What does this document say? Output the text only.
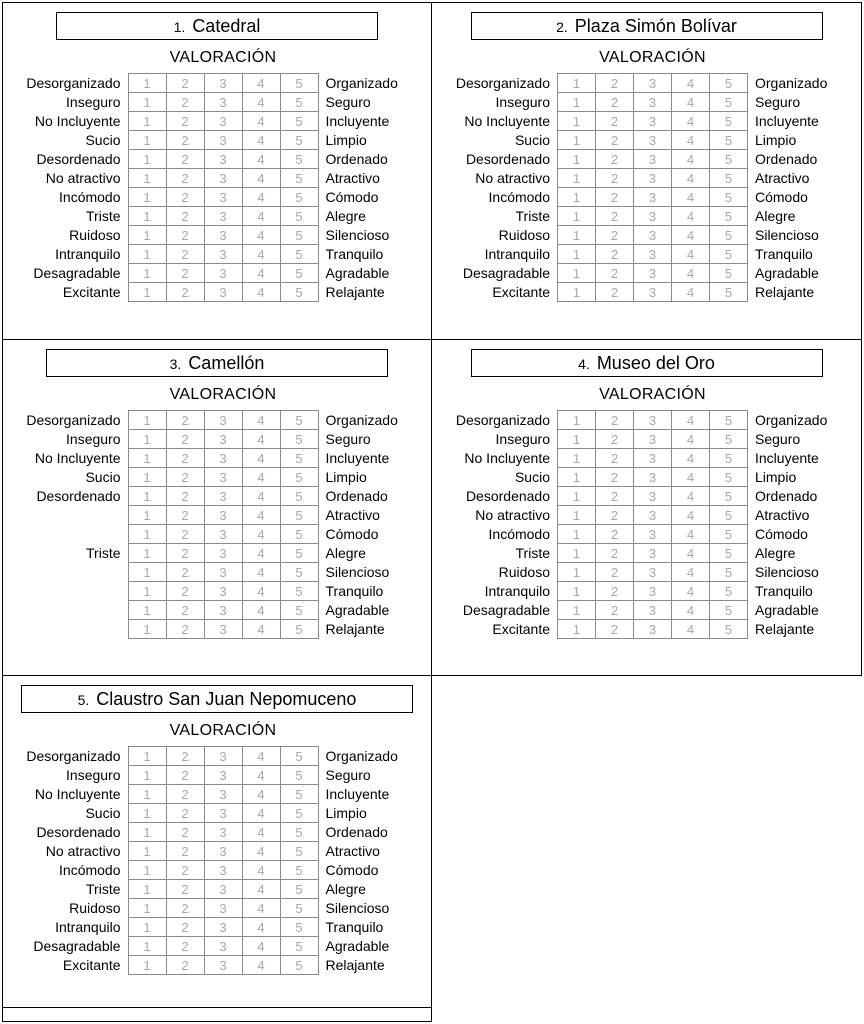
1. Catedral
	VALORACIÓN					
Desorganizado	1	2	3	4	5	Organizado
Inseguro	1	2	3	4	5	Seguro
No Incluyente	1	2	3	4	5	Incluyente
Sucio	1	2	3	4	5	Limpio
Desordenado	1	2	3	4	5	Ordenado
No atractivo	1	2	3	4	5	Atractivo
Incómodo	1	2	3	4	5	Cómodo
Triste	1	2	3	4	5	Alegre
Ruidoso	1	2	3	4	5	Silencioso
Intranquilo	1	2	3	4	5	Tranquilo
Desagradable	1	2	3	4	5	Agradable
Excitante	1	2	3	4	5	Relajante
2. Plaza Simón Bolívar
	VALORACIÓN					
Desorganizado	1	2	3	4	5	Organizado
Inseguro	1	2	3	4	5	Seguro
No Incluyente	1	2	3	4	5	Incluyente
Sucio	1	2	3	4	5	Limpio
Desordenado	1	2	3	4	5	Ordenado
No atractivo	1	2	3	4	5	Atractivo
Incómodo	1	2	3	4	5	Cómodo
Triste	1	2	3	4	5	Alegre
Ruidoso	1	2	3	4	5	Silencioso
Intranquilo	1	2	3	4	5	Tranquilo
Desagradable	1	2	3	4	5	Agradable
Excitante	1	2	3	4	5	Relajante
3. Camellón
	VALORACIÓN					
Desorganizado	1	2	3	4	5	Organizado
Inseguro	1	2	3	4	5	Seguro
No Incluyente	1	2	3	4	5	Incluyente
Sucio	1	2	3	4	5	Limpio
Desordenado	1	2	3	4	5	Ordenado
	1	2	3	4	5	Atractivo
	1	2	3	4	5	Cómodo
Triste	1	2	3	4	5	Alegre
	1	2	3	4	5	Silencioso
	1	2	3	4	5	Tranquilo
	1	2	3	4	5	Agradable
	1	2	3	4	5	Relajante
4. Museo del Oro
	VALORACIÓN					
Desorganizado	1	2	3	4	5	Organizado
Inseguro	1	2	3	4	5	Seguro
No Incluyente	1	2	3	4	5	Incluyente
Sucio	1	2	3	4	5	Limpio
Desordenado	1	2	3	4	5	Ordenado
No atractivo	1	2	3	4	5	Atractivo
Incómodo	1	2	3	4	5	Cómodo
Triste	1	2	3	4	5	Alegre
Ruidoso	1	2	3	4	5	Silencioso
Intranquilo	1	2	3	4	5	Tranquilo
Desagradable	1	2	3	4	5	Agradable
Excitante	1	2	3	4	5	Relajante
5. Claustro San Juan Nepomuceno
	VALORACIÓN					
Desorganizado	1	2	3	4	5	Organizado
Inseguro	1	2	3	4	5	Seguro
No Incluyente	1	2	3	4	5	Incluyente
Sucio	1	2	3	4	5	Limpio
Desordenado	1	2	3	4	5	Ordenado
No atractivo	1	2	3	4	5	Atractivo
Incómodo	1	2	3	4	5	Cómodo
Triste	1	2	3	4	5	Alegre
Ruidoso	1	2	3	4	5	Silencioso
Intranquilo	1	2	3	4	5	Tranquilo
Desagradable	1	2	3	4	5	Agradable
Excitante	1	2	3	4	5	Relajante
